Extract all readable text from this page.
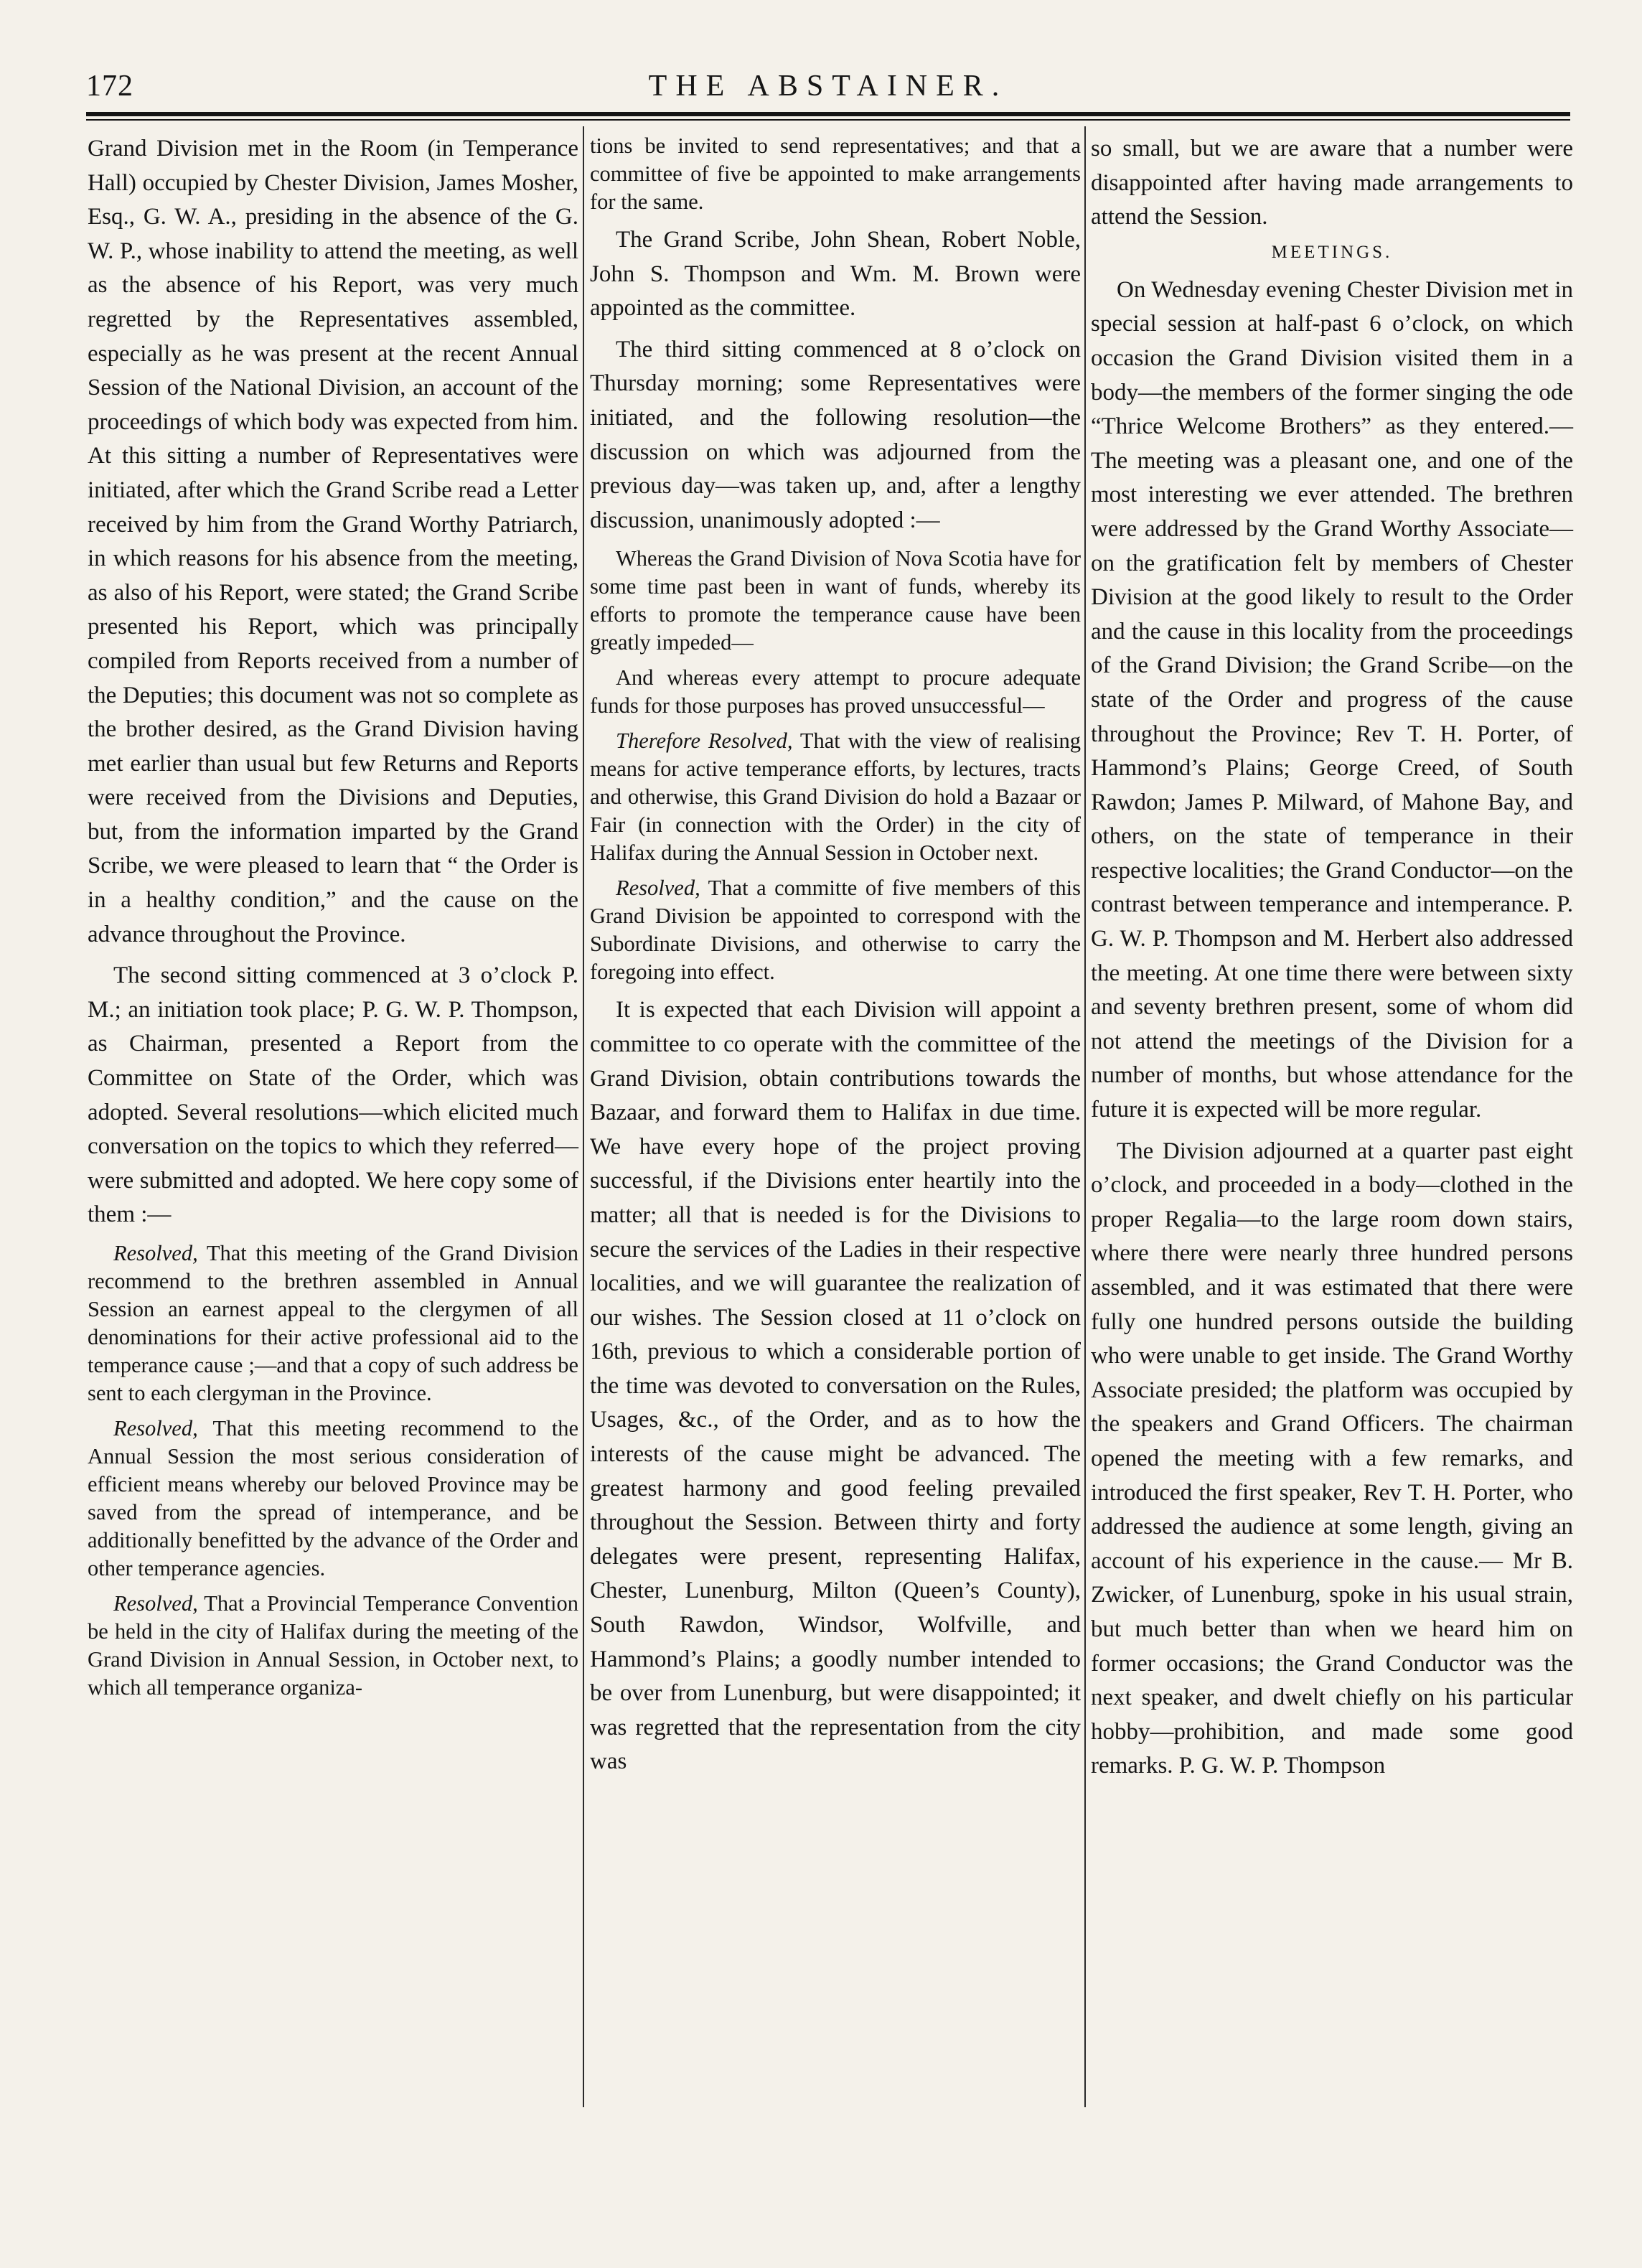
172	THE ABSTAINER.

Grand Division met in the Room (in Temperance Hall) occupied by Chester Division, James Mosher, Esq., G. W. A., presiding in the absence of the G. W. P., whose inability to attend the meeting, as well as the absence of his Report, was very much regretted by the Representatives assembled, especially as he was present at the recent Annual Session of the National Division, an account of the proceedings of which body was expected from him. At this sitting a number of Representatives were initiated, after which the Grand Scribe read a Letter received by him from the Grand Worthy Patriarch, in which reasons for his absence from the meeting, as also of his Report, were stated; the Grand Scribe presented his Report, which was principally compiled from Reports received from a number of the Deputies; this document was not so complete as the brother desired, as the Grand Division having met earlier than usual but few Returns and Reports were received from the Divisions and Deputies, but, from the information imparted by the Grand Scribe, we were pleased to learn that “ the Order is in a healthy condition,” and the cause on the advance throughout the Province.

The second sitting commenced at 3 o’clock P. M.; an initiation took place; P. G. W. P. Thompson, as Chairman, presented a Report from the Committee on State of the Order, which was adopted. Several resolutions—which elicited much conversation on the topics to which they referred—were submitted and adopted. We here copy some of them :—

Resolved, That this meeting of the Grand Division recommend to the brethren assembled in Annual Session an earnest appeal to the clergymen of all denominations for their active professional aid to the temperance cause ;—and that a copy of such address be sent to each clergyman in the Province.

Resolved, That this meeting recommend to the Annual Session the most serious consideration of efficient means whereby our beloved Province may be saved from the spread of intemperance, and be additionally benefitted by the advance of the Order and other temperance agencies.

Resolved, That a Provincial Temperance Convention be held in the city of Halifax during the meeting of the Grand Division in Annual Session, in October next, to which all temperance organiza-

tions be invited to send representatives; and that a committee of five be appointed to make arrangements for the same.

The Grand Scribe, John Shean, Robert Noble, John S. Thompson and Wm. M. Brown were appointed as the committee.

The third sitting commenced at 8 o’clock on Thursday morning; some Representatives were initiated, and the following resolution—the discussion on which was adjourned from the previous day—was taken up, and, after a lengthy discussion, unanimously adopted :—

Whereas the Grand Division of Nova Scotia have for some time past been in want of funds, whereby its efforts to promote the temperance cause have been greatly impeded—

And whereas every attempt to procure adequate funds for those purposes has proved unsuccessful—

Therefore Resolved, That with the view of realising means for active temperance efforts, by lectures, tracts and otherwise, this Grand Division do hold a Bazaar or Fair (in connection with the Order) in the city of Halifax during the Annual Session in October next.

Resolved, That a committe of five members of this Grand Division be appointed to correspond with the Subordinate Divisions, and otherwise to carry the foregoing into effect.

It is expected that each Division will appoint a committee to co operate with the committee of the Grand Division, obtain contributions towards the Bazaar, and forward them to Halifax in due time. We have every hope of the project proving successful, if the Divisions enter heartily into the matter; all that is needed is for the Divisions to secure the services of the Ladies in their respective localities, and we will guarantee the realization of our wishes. The Session closed at 11 o’clock on 16th, previous to which a considerable portion of the time was devoted to conversation on the Rules, Usages, &c., of the Order, and as to how the interests of the cause might be advanced. The greatest harmony and good feeling prevailed throughout the Session. Between thirty and forty delegates were present, representing Halifax, Chester, Lunenburg, Milton (Queen’s County), South Rawdon, Windsor, Wolfville, and Hammond’s Plains; a goodly number intended to be over from Lunenburg, but were disappointed; it was regretted that the representation from the city was

so small, but we are aware that a number were disappointed after having made arrangements to attend the Session.

MEETINGS.

On Wednesday evening Chester Division met in special session at half-past 6 o’clock, on which occasion the Grand Division visited them in a body—the members of the former singing the ode “Thrice Welcome Brothers” as they entered.— The meeting was a pleasant one, and one of the most interesting we ever attended. The brethren were addressed by the Grand Worthy Associate—on the gratification felt by members of Chester Division at the good likely to result to the Order and the cause in this locality from the proceedings of the Grand Division; the Grand Scribe—on the state of the Order and progress of the cause throughout the Province; Rev T. H. Porter, of Hammond’s Plains; George Creed, of South Rawdon; James P. Milward, of Mahone Bay, and others, on the state of temperance in their respective localities; the Grand Conductor—on the contrast between temperance and intemperance. P. G. W. P. Thompson and M. Herbert also addressed the meeting. At one time there were between sixty and seventy brethren present, some of whom did not attend the meetings of the Division for a number of months, but whose attendance for the future it is expected will be more regular.

The Division adjourned at a quarter past eight o’clock, and proceeded in a body—clothed in the proper Regalia—to the large room down stairs, where there were nearly three hundred persons assembled, and it was estimated that there were fully one hundred persons outside the building who were unable to get inside. The Grand Worthy Associate presided; the platform was occupied by the speakers and Grand Officers. The chairman opened the meeting with a few remarks, and introduced the first speaker, Rev T. H. Porter, who addressed the audience at some length, giving an account of his experience in the cause.— Mr B. Zwicker, of Lunenburg, spoke in his usual strain, but much better than when we heard him on former occasions; the Grand Conductor was the next speaker, and dwelt chiefly on his particular hobby—prohibition, and made some good remarks. P. G. W. P. Thompson
